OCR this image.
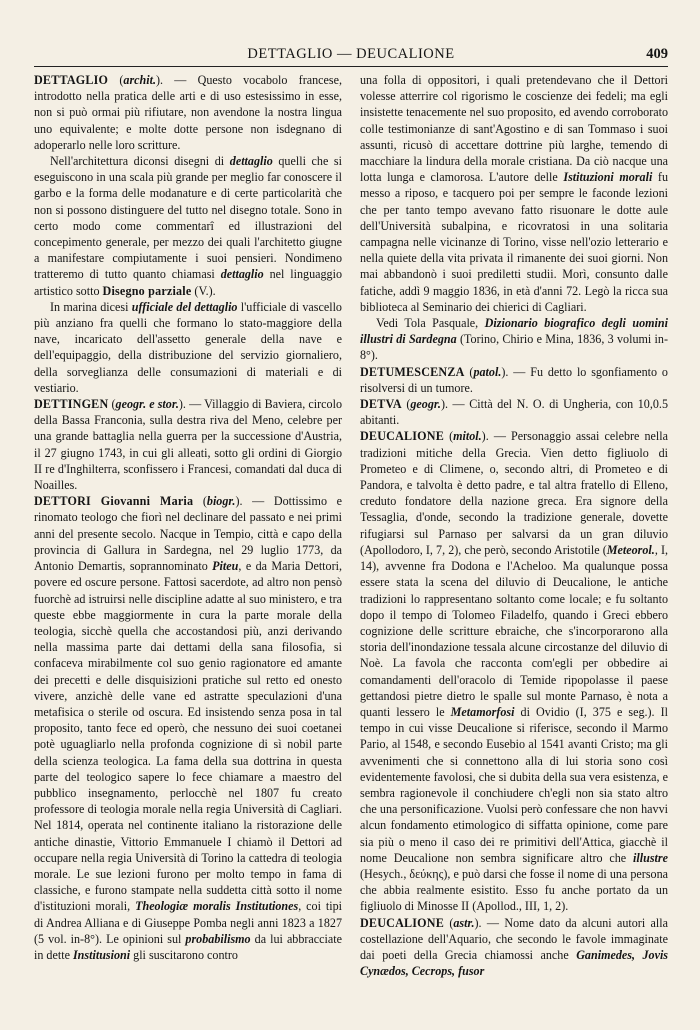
DETTAGLIO — DEUCALIONE	409

DETTAGLIO (archit.). — Questo vocabolo francese, introdotto nella pratica delle arti e di uso estesissimo in esse, non si può ormai più rifiutare, non avendone la nostra lingua uno equivalente; e molte dotte persone non isdegnano di adoperarlo nelle loro scritture.

Nell'architettura diconsi disegni di dettaglio quelli che si eseguiscono in una scala più grande per meglio far conoscere il garbo e la forma delle modanature e di certe particolarità che non si possono distinguere del tutto nel disegno totale. Sono in certo modo come commentarî ed illustrazioni del concepimento generale, per mezzo dei quali l'architetto giugne a manifestare compiutamente i suoi pensieri. Nondimeno tratteremo di tutto quanto chiamasi dettaglio nel linguaggio artistico sotto Disegno parziale (V.).

In marina dicesi ufficiale del dettaglio l'ufficiale di vascello più anziano fra quelli che formano lo stato-maggiore della nave, incaricato dell'assetto generale della nave e dell'equipaggio, della distribuzione del servizio giornaliero, della sorveglianza delle consumazioni di materiali e di vestiario.

DETTINGEN (geogr. e stor.). — Villaggio di Baviera, circolo della Bassa Franconia, sulla destra riva del Meno, celebre per una grande battaglia nella guerra per la successione d'Austria, il 27 giugno 1743, in cui gli alleati, sotto gli ordini di Giorgio II re d'Inghilterra, sconfissero i Francesi, comandati dal duca di Noailles.

DETTORI Giovanni Maria (biogr.). — Dottissimo e rinomato teologo che fiorì nel declinare del passato e nei primi anni del presente secolo. Nacque in Tempio, città e capo della provincia di Gallura in Sardegna, nel 29 luglio 1773, da Antonio Demartis, soprannominato Piteu, e da Maria Dettori, povere ed oscure persone. Fattosi sacerdote, ad altro non pensò fuorchè ad istruirsi nelle discipline adatte al suo ministero, e tra queste ebbe maggiormente in cura la parte morale della teologia, sicchè quella che accostandosi più, anzi derivando nella massima parte dai dettami della sana filosofia, si confaceva mirabilmente col suo genio ragionatore ed amante dei precetti e delle disquisizioni pratiche sul retto ed onesto vivere, anzichè delle vane ed astratte speculazioni d'una metafisica o sterile od oscura. Ed insistendo senza posa in tal proposito, tanto fece ed operò, che nessuno dei suoi coetanei potè uguagliarlo nella profonda cognizione di sì nobil parte della scienza teologica. La fama della sua dottrina in questa parte del teologico sapere lo fece chiamare a maestro del pubblico insegnamento, perlocchè nel 1807 fu creato professore di teologia morale nella regia Università di Cagliari. Nel 1814, operata nel continente italiano la ristorazione delle antiche dinastie, Vittorio Emmanuele I chiamò il Dettori ad occupare nella regia Università di Torino la cattedra di teologia morale. Le sue lezioni furono per molto tempo in fama di classiche, e furono stampate nella suddetta città sotto il nome d'istituzioni morali, Theologiæ moralis Institutiones, coi tipi di Andrea Alliana e di Giuseppe Pomba negli anni 1823 a 1827 (5 vol. in-8°). Le opinioni sul probabilismo da lui abbracciate in dette Institusioni gli suscitarono contro

una folla di oppositori, i quali pretendevano che il Dettori volesse atterrire col rigorismo le coscienze dei fedeli; ma egli insistette tenacemente nel suo proposito, ed avendo corroborato colle testimonianze di sant'Agostino e di san Tommaso i suoi assunti, ricusò di accettare dottrine più larghe, temendo di macchiare la lindura della morale cristiana. Da ciò nacque una lotta lunga e clamorosa. L'autore delle Istituzioni morali fu messo a riposo, e tacquero poi per sempre le faconde lezioni che per tanto tempo avevano fatto risuonare le dotte aule dell'Università subalpina, e ricovratosi in una solitaria campagna nelle vicinanze di Torino, visse nell'ozio letterario e nella quiete della vita privata il rimanente dei suoi giorni. Non mai abbandonò i suoi prediletti studii. Morì, consunto dalle fatiche, addì 9 maggio 1836, in età d'anni 72. Legò la ricca sua biblioteca al Seminario dei chierici di Cagliari.

Vedi Tola Pasquale, Dizionario biografico degli uomini illustri di Sardegna (Torino, Chirio e Mina, 1836, 3 volumi in-8°).

DETUMESCENZA (patol.). — Fu detto lo sgonfiamento o risolversi di un tumore.

DETVA (geogr.). — Città del N. O. di Ungheria, con 10,0.5 abitanti.

DEUCALIONE (mitol.). — Personaggio assai celebre nella tradizioni mitiche della Grecia. Vien detto figliuolo di Prometeo e di Climene, o, secondo altri, di Prometeo e di Pandora, e talvolta è detto padre, e tal altra fratello di Elleno, creduto fondatore della nazione greca. Era signore della Tessaglia, d'onde, secondo la tradizione generale, dovette rifugiarsi sul Parnaso per salvarsi da un gran diluvio (Apollodoro, I, 7, 2), che però, secondo Aristotile (Meteorol., I, 14), avvenne fra Dodona e l'Acheloo. Ma qualunque possa essere stata la scena del diluvio di Deucalione, le antiche tradizioni lo rappresentano soltanto come locale; e fu soltanto dopo il tempo di Tolomeo Filadelfo, quando i Greci ebbero cognizione delle scritture ebraiche, che s'incorporarono alla storia dell'inondazione tessala alcune circostanze del diluvio di Noè. La favola che racconta com'egli per obbedire ai comandamenti dell'oracolo di Temide ripopolasse il paese gettandosi pietre dietro le spalle sul monte Parnaso, è nota a quanti lessero le Metamorfosi di Ovidio (I, 375 e seg.). Il tempo in cui visse Deucalione si riferisce, secondo il Marmo Pario, al 1548, e secondo Eusebio al 1541 avanti Cristo; ma gli avvenimenti che si connettono alla di lui storia sono così evidentemente favolosi, che si dubita della sua vera esistenza, e sembra ragionevole il conchiudere ch'egli non sia stato altro che una personificazione. Vuolsi però confessare che non havvi alcun fondamento etimologico di siffatta opinione, come pare sia più o meno il caso dei re primitivi dell'Attica, giacchè il nome Deucalione non sembra significare altro che illustre (Hesych., δεύκης), e può darsi che fosse il nome di una persona che abbia realmente esistito. Esso fu anche portato da un figliuolo di Minosse II (Apollod., III, 1, 2).

DEUCALIONE (astr.). — Nome dato da alcuni autori alla costellazione dell'Aquario, che secondo le favole immaginate dai poeti della Grecia chiamossi anche Ganimedes, Jovis Cynædos, Cecrops, fusor
